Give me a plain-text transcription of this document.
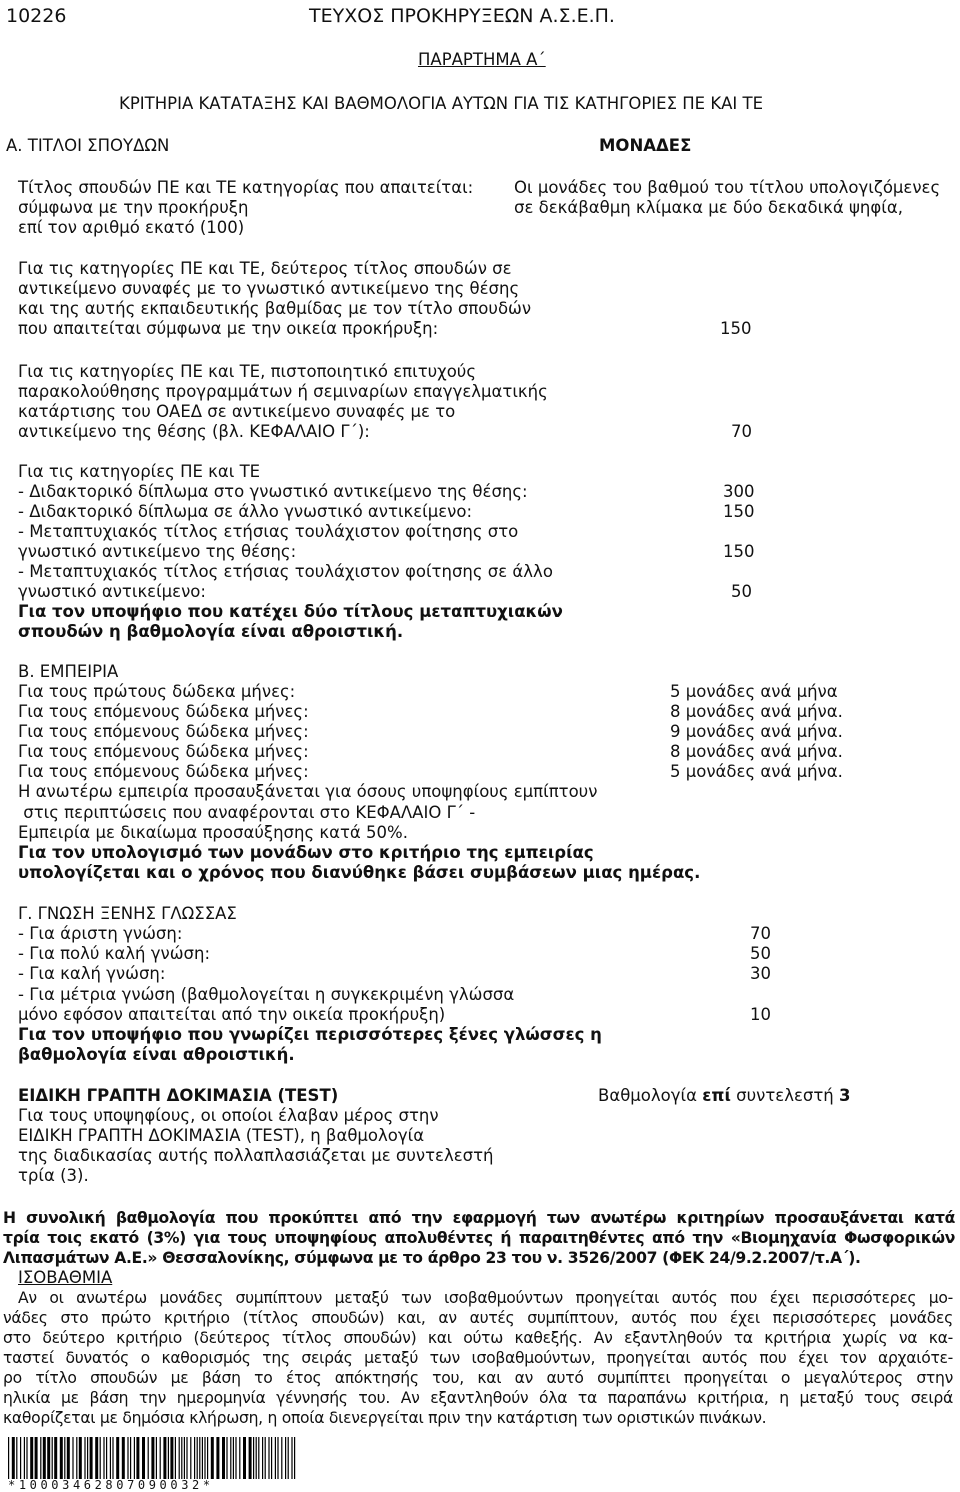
10226	ΤΕΥΧΟΣ ΠΡΟΚΗΡΥΞΕΩΝ Α.Σ.Ε.Π.
ΠΑΡΑΡΤΗΜΑ Α΄
ΚΡΙΤΗΡΙΑ ΚΑΤΑΤΑΞΗΣ ΚΑΙ ΒΑΘΜΟΛΟΓΙΑ ΑΥΤΩΝ ΓΙΑ ΤΙΣ ΚΑΤΗΓΟΡΙΕΣ ΠΕ ΚΑΙ ΤΕ
Α. ΤΙΤΛΟΙ ΣΠΟΥΔΩΝ	ΜΟΝΑΔΕΣ
Τίτλος σπουδών ΠΕ και ΤΕ κατηγορίας που απαιτείται:
σύμφωνα με την προκήρυξη
επί τον αριθμό εκατό (100)
Οι μονάδες του βαθμού του τίτλου υπολογιζόμενες
σε δεκάβαθμη κλίμακα με δύο δεκαδικά ψηφία,
Για τις κατηγορίες ΠΕ και ΤΕ, δεύτερος τίτλος σπουδών σε
αντικείμενο συναφές με το γνωστικό αντικείμενο της θέσης
και της αυτής εκπαιδευτικής βαθμίδας με τον τίτλο σπουδών
που απαιτείται σύμφωνα με την οικεία προκήρυξη:	150
Για τις κατηγορίες ΠΕ και ΤΕ, πιστοποιητικό επιτυχούς
παρακολούθησης προγραμμάτων ή σεμιναρίων επαγγελματικής
κατάρτισης του ΟΑΕΔ σε αντικείμενο συναφές με το
αντικείμενο της θέσης (βλ. ΚΕΦΑΛΑΙΟ Γ΄):	70
Για τις κατηγορίες ΠΕ και ΤΕ
- Διδακτορικό δίπλωμα στο γνωστικό αντικείμενο της θέσης:	300
- Διδακτορικό δίπλωμα σε άλλο γνωστικό αντικείμενο:	150
- Μεταπτυχιακός τίτλος ετήσιας τουλάχιστον φοίτησης στο
γνωστικό αντικείμενο της θέσης:	150
- Μεταπτυχιακός τίτλος ετήσιας τουλάχιστον φοίτησης σε άλλο
γνωστικό αντικείμενο:	50
Για τον υποψήφιο που κατέχει δύο τίτλους μεταπτυχιακών
σπουδών η βαθμολογία είναι αθροιστική.
Β. ΕΜΠΕΙΡΙΑ
Για τους πρώτους δώδεκα μήνες:	5 μονάδες ανά μήνα
Για τους επόμενους δώδεκα μήνες:	8 μονάδες ανά μήνα.
Για τους επόμενους δώδεκα μήνες:	9 μονάδες ανά μήνα.
Για τους επόμενους δώδεκα μήνες:	8 μονάδες ανά μήνα.
Για τους επόμενους δώδεκα μήνες:	5 μονάδες ανά μήνα.
Η ανωτέρω εμπειρία προσαυξάνεται για όσους υποψηφίους εμπίπτουν
στις περιπτώσεις που αναφέρονται στο ΚΕΦΑΛΑΙΟ Γ΄ -
Εμπειρία με δικαίωμα προσαύξησης κατά 50%.
Για τον υπολογισμό των μονάδων στο κριτήριο της εμπειρίας
υπολογίζεται και ο χρόνος που διανύθηκε βάσει συμβάσεων μιας ημέρας.
Γ. ΓΝΩΣΗ ΞΕΝΗΣ ΓΛΩΣΣΑΣ
- Για άριστη γνώση:	70
- Για πολύ καλή γνώση:	50
- Για καλή γνώση:	30
- Για μέτρια γνώση (βαθμολογείται η συγκεκριμένη γλώσσα
μόνο εφόσον απαιτείται από την οικεία προκήρυξη)	10
Για τον υποψήφιο που γνωρίζει περισσότερες ξένες γλώσσες η
βαθμολογία είναι αθροιστική.
ΕΙΔΙΚΗ ΓΡΑΠΤΗ ΔΟΚΙΜΑΣΙΑ (TEST)	Βαθμολογία επί συντελεστή 3
Για τους υποψηφίους, οι οποίοι έλαβαν μέρος στην
ΕΙΔΙΚΗ ΓΡΑΠΤΗ ΔΟΚΙΜΑΣΙΑ (TEST), η βαθμολογία
της διαδικασίας αυτής πολλαπλασιάζεται με συντελεστή
τρία (3).
Η συνολική βαθμολογία που προκύπτει από την εφαρμογή των ανωτέρω κριτηρίων προσαυξάνεται κατά
τρία τοις εκατό (3%) για τους υποψηφίους απολυθέντες ή παραιτηθέντες από την «Βιομηχανία Φωσφορικών
Λιπασμάτων Α.Ε.» Θεσσαλονίκης, σύμφωνα με το άρθρο 23 του ν. 3526/2007 (ΦΕΚ 24/9.2.2007/τ.Α΄).
ΙΣΟΒΑΘΜΙΑ
Αν οι ανωτέρω μονάδες συμπίπτουν μεταξύ των ισοβαθμούντων προηγείται αυτός που έχει περισσότερες μο-
νάδες στο πρώτο κριτήριο (τίτλος σπουδών) και, αν αυτές συμπίπτουν, αυτός που έχει περισσότερες μονάδες
στο δεύτερο κριτήριο (δεύτερος τίτλος σπουδών) και ούτω καθεξής. Αν εξαντληθούν τα κριτήρια χωρίς να κα-
ταστεί δυνατός ο καθορισμός της σειράς μεταξύ των ισοβαθμούντων, προηγείται αυτός που έχει τον αρχαιότε-
ρο τίτλο σπουδών με βάση το έτος απόκτησής του, και αν αυτό συμπίπτει προηγείται ο μεγαλύτερος στην
ηλικία με βάση την ημερομηνία γέννησής του. Αν εξαντληθούν όλα τα παραπάνω κριτήρια, η μεταξύ τους σειρά
καθορίζεται με δημόσια κλήρωση, η οποία διενεργείται πριν την κατάρτιση των οριστικών πινάκων.
*10003462807090032*
